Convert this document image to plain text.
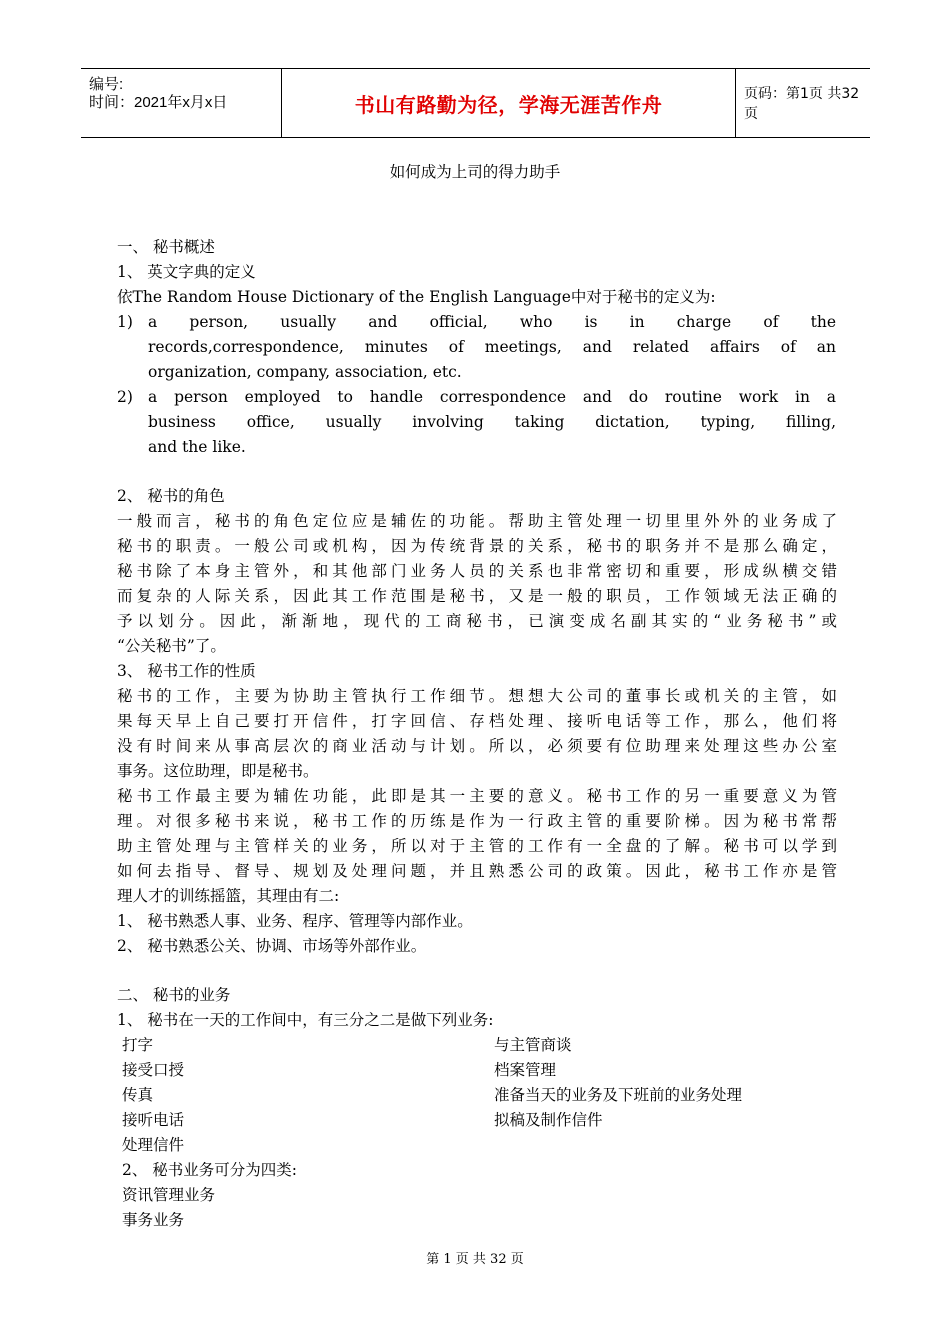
编号:
时间：2021年x月x日	书山有路勤为径，学海无涯苦作舟	页码：第1页 共32页
如何成为上司的得力助手
一、 秘书概述
1、 英文字典的定义
依The Random House Dictionary of the English Language中对于秘书的定义为:
1) a person, usually and official, who is in charge of the
records,correspondence, minutes of meetings, and related affairs of an
organization, company, association, etc.
2) a person employed to handle correspondence and do routine work in a
business office, usually involving taking dictation, typing, filling,
and the like.
2、 秘书的角色
一般而言，秘书的角色定位应是辅佐的功能。帮助主管处理一切里里外外的业务成了
秘书的职责。一般公司或机构，因为传统背景的关系，秘书的职务并不是那么确定，
秘书除了本身主管外，和其他部门业务人员的关系也非常密切和重要，形成纵横交错
而复杂的人际关系，因此其工作范围是秘书，又是一般的职员，工作领域无法正确的
予以划分。因此，渐渐地，现代的工商秘书，已演变成名副其实的“业务秘书”或
“公关秘书”了。
3、 秘书工作的性质
秘书的工作，主要为协助主管执行工作细节。想想大公司的董事长或机关的主管，如
果每天早上自己要打开信件，打字回信、存档处理、接听电话等工作，那么，他们将
没有时间来从事高层次的商业活动与计划。所以，必须要有位助理来处理这些办公室
事务。这位助理，即是秘书。
秘书工作最主要为辅佐功能，此即是其一主要的意义。秘书工作的另一重要意义为管
理。对很多秘书来说，秘书工作的历练是作为一行政主管的重要阶梯。因为秘书常帮
助主管处理与主管样关的业务，所以对于主管的工作有一全盘的了解。秘书可以学到
如何去指导、督导、规划及处理问题，并且熟悉公司的政策。因此，秘书工作亦是管
理人才的训练摇篮，其理由有二:
1、 秘书熟悉人事、业务、程序、管理等内部作业。
2、 秘书熟悉公关、协调、市场等外部作业。
二、 秘书的业务
1、 秘书在一天的工作间中，有三分之二是做下列业务:
打字
接受口授
传真
接听电话
处理信件
与主管商谈
档案管理
准备当天的业务及下班前的业务处理
拟稿及制作信件
2、 秘书业务可分为四类:
资讯管理业务
事务业务
第 1 页 共 32 页
